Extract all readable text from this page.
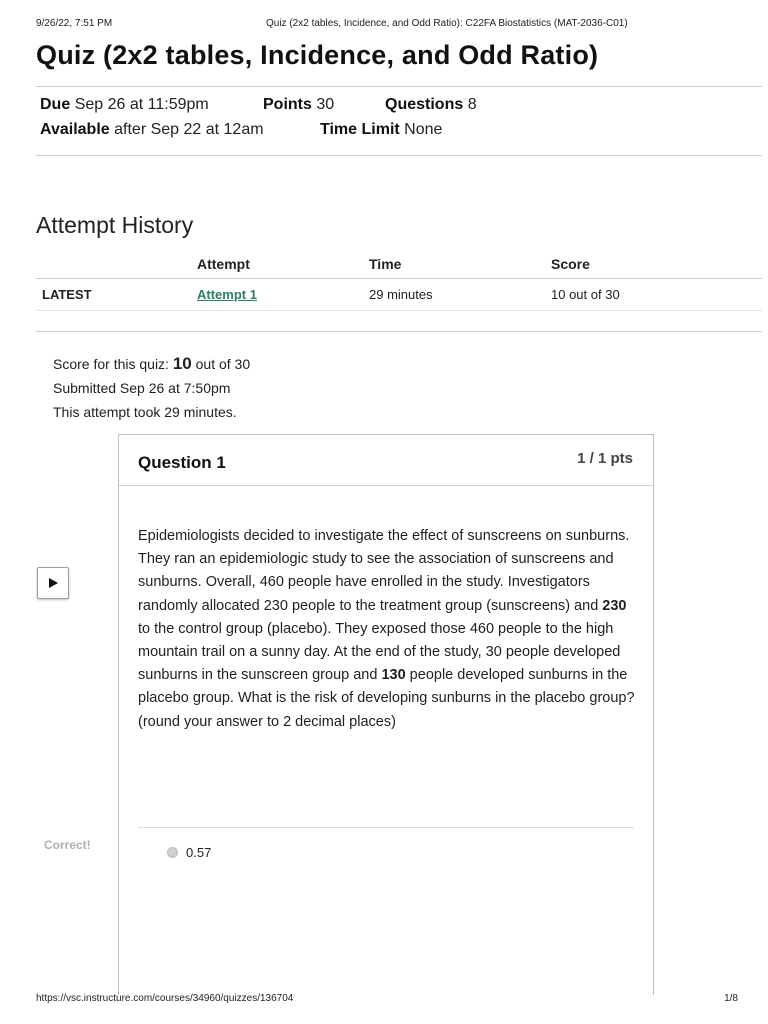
9/26/22, 7:51 PM	Quiz (2x2 tables, Incidence, and Odd Ratio): C22FA Biostatistics (MAT-2036-C01)
Quiz (2x2 tables, Incidence, and Odd Ratio)
Due Sep 26 at 11:59pm	Points 30	Questions 8
Available after Sep 22 at 12am	Time Limit None
Attempt History
	Attempt	Time	Score
LATEST	Attempt 1	29 minutes	10 out of 30
Score for this quiz: 10 out of 30
Submitted Sep 26 at 7:50pm
This attempt took 29 minutes.
Correct!
Question 1	1 / 1 pts

Epidemiologists decided to investigate the effect of sunscreens on sunburns. They ran an epidemiologic study to see the association of sunscreens and sunburns. Overall, 460 people have enrolled in the study. Investigators randomly allocated 230 people to the treatment group (sunscreens) and 230 to the control group (placebo). They exposed those 460 people to the high mountain trail on a sunny day. At the end of the study, 30 people developed sunburns in the sunscreen group and 130 people developed sunburns in the placebo group. What is the risk of developing sunburns in the placebo group? (round your answer to 2 decimal places)

0.57
https://vsc.instructure.com/courses/34960/quizzes/136704	1/8
